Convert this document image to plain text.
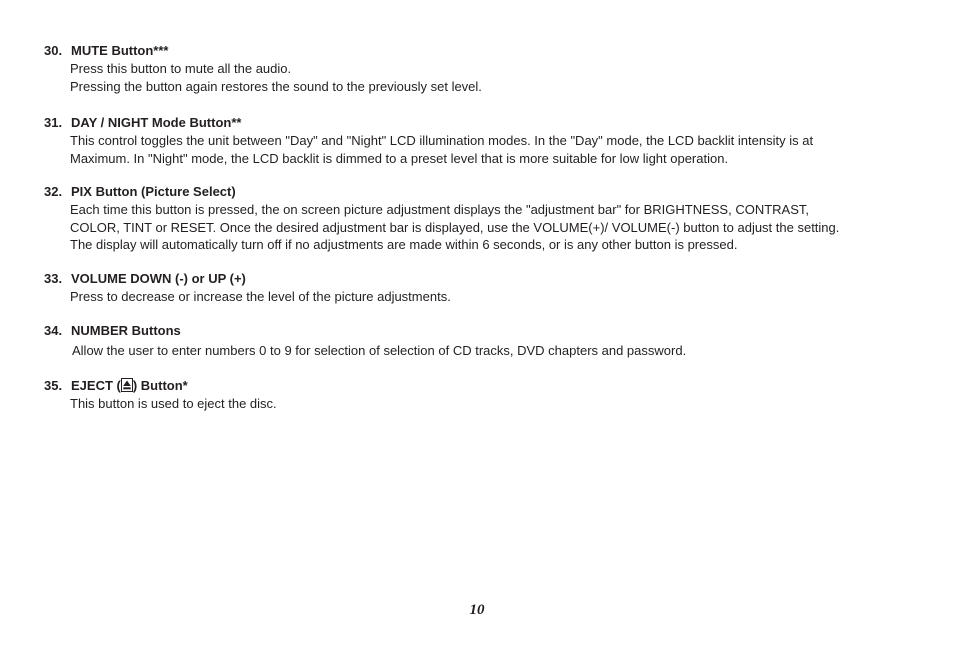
30. MUTE Button***

Press this button to mute all the audio.

Pressing the button again restores the sound to the previously set level.

31. DAY / NIGHT Mode Button**

This control toggles the unit between "Day" and "Night" LCD illumination modes. In the "Day" mode, the LCD backlit intensity is at

Maximum. In "Night" mode, the LCD backlit is dimmed to a preset level that is more suitable for low light operation.

32. PIX Button (Picture Select)

Each time this button is pressed, the on screen picture adjustment displays the "adjustment bar" for BRIGHTNESS, CONTRAST,

COLOR, TINT or RESET. Once the desired adjustment bar is displayed, use the VOLUME(+)/ VOLUME(-) button to adjust the setting.

The display will automatically turn off if no adjustments are made within 6 seconds, or is any other button is pressed.

33. VOLUME DOWN (-) or UP (+)

Press to decrease or increase the level of the picture adjustments.

34. NUMBER Buttons

Allow the user to enter numbers 0 to 9 for selection of selection of CD tracks, DVD chapters and password.

35. EJECT ( ) Button*

This button is used to eject the disc.

10
